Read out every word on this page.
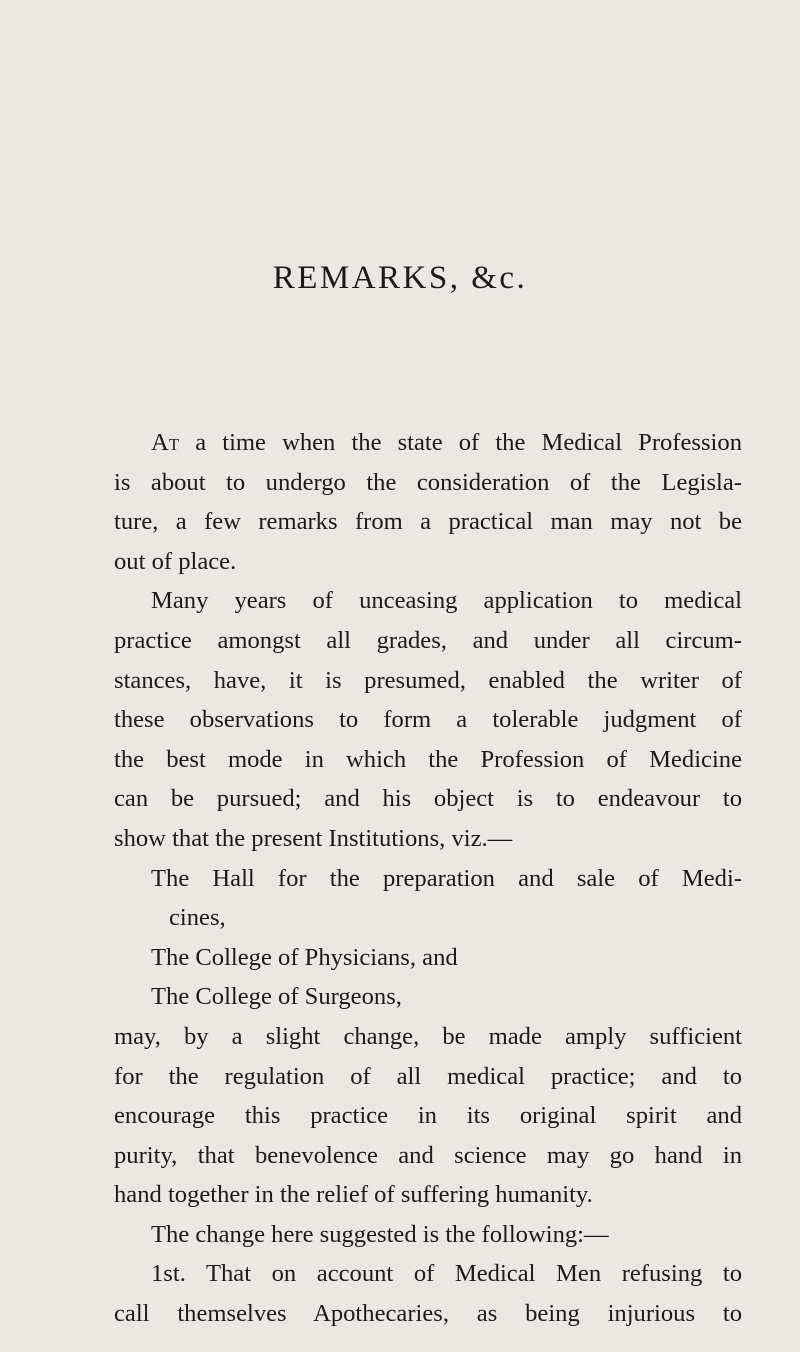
REMARKS, &c.

At a time when the state of the Medical Profession
is about to undergo the consideration of the Legisla-
ture, a few remarks from a practical man may not be
out of place.

Many years of unceasing application to medical
practice amongst all grades, and under all circum-
stances, have, it is presumed, enabled the writer of
these observations to form a tolerable judgment of
the best mode in which the Profession of Medicine
can be pursued; and his object is to endeavour to
show that the present Institutions, viz.—

The Hall for the preparation and sale of Medi-
cines,

The College of Physicians, and

The College of Surgeons,

may, by a slight change, be made amply sufficient
for the regulation of all medical practice; and to
encourage this practice in its original spirit and
purity, that benevolence and science may go hand in
hand together in the relief of suffering humanity.

The change here suggested is the following:—

1st. That on account of Medical Men refusing to
call themselves Apothecaries, as being injurious to
